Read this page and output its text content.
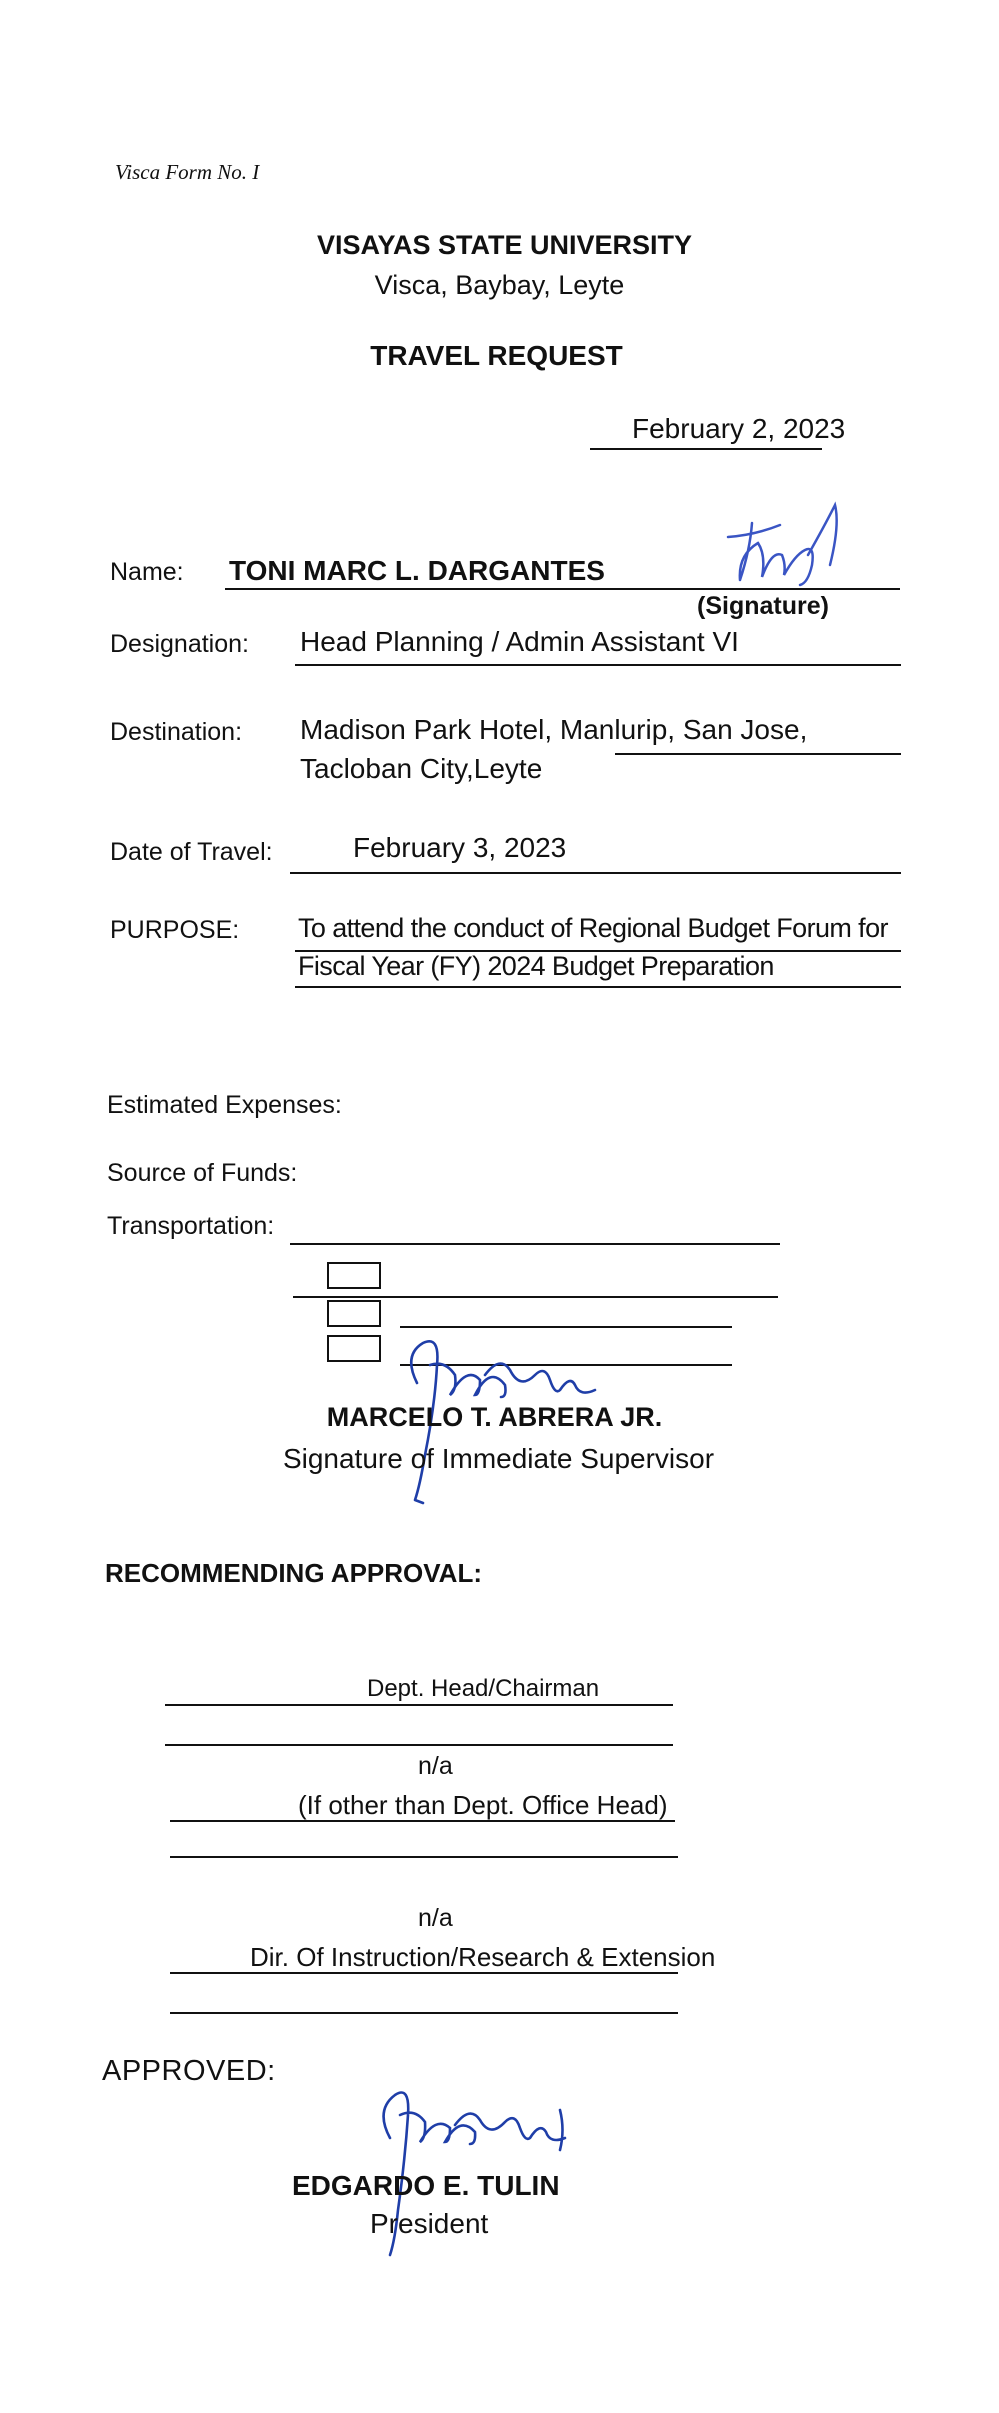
Visca Form No. I
VISAYAS STATE UNIVERSITY
Visca, Baybay, Leyte
TRAVEL REQUEST
February 2, 2023
Name: TONI MARC L. DARGANTES
(Signature)
Designation: Head Planning / Admin Assistant VI
Destination: Madison Park Hotel, Manlurip, San Jose,
Tacloban City,Leyte
Date of Travel:	February 3, 2023
PURPOSE: To attend the conduct of Regional Budget Forum for
Fiscal Year (FY) 2024 Budget Preparation
Estimated Expenses:
Source of Funds:
Transportation:
MARCELO T. ABRERA JR.
Signature of Immediate Supervisor
RECOMMENDING APPROVAL:
Dept. Head/Chairman
n/a
(If other than Dept. Office Head)
n/a
Dir. Of Instruction/Research & Extension
APPROVED:
EDGARDO E. TULIN
President
